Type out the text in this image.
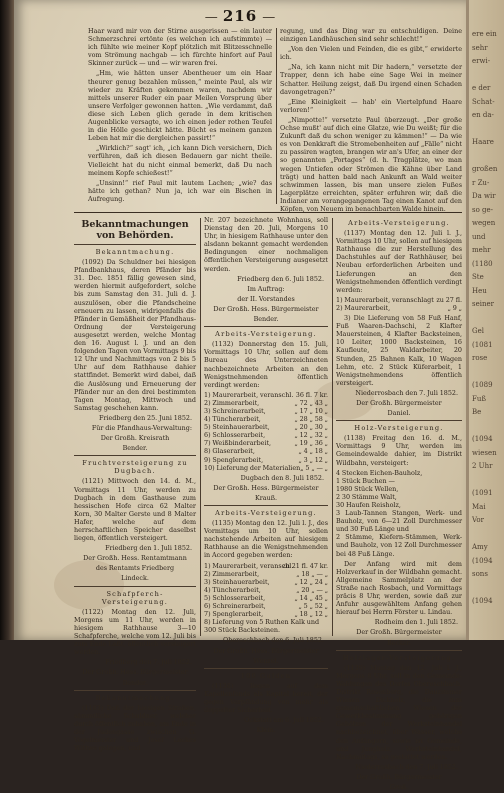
— 216 —

Haar ward mir von der Stirne ausgerissen — ein lauter Schmerzschrei ertönte (es welchen ich aufstimmte) — ich fühlte wie meiner Kopf plötzlich mit Blitzesschnelle vom Strömung nachgab — ich fürchte hinfort auf Paul Skinner zurück — und — wir waren frei.

„Hm, wie hätten unser Abentheuer um ein Haar theurer genug bezahlen müssen,“ meinte Paul, als wir wieder zu Kräften gekommen waren, nachdem wir mittels unserer Ruder ein paar Meilen Vorsprung über unsere Verfolger gewonnen hatten. „Wie verdammt, daß diese sich Leben glich gerade in dem kritischen Augenblicke versagte, wo ich einen jeder rothen Teufel in die Hölle geschickt hätte. Bücht es meinem ganzen Leben hat mir die dergleichen passirt!“

„Wirklich?“ sagt' ich, „ich kann Dich versichern, Dich verführen, daß ich diesen Bedauern gar nicht theile. Vielleicht hat du nicht einmal bemerkt, daß Du nach meinem Kopfe schießest!“

„Unsinn!“ rief Paul mit lautem Lachen; „wie? das hätte ich gethan? Nun ja, ich war ein Bischen in Aufregung.

regung, und das Ding war zu entschuldigen. Deine einzigen Landhäuschen sind sehr schlecht!“

„Von den Vielen und Feinden, die es gibt,“ erwiderte ich.

„Na, ich kann nicht mit Dir hadern,“ versetzte der Trapper, denn ich habe eine Sage Wei in meiner Schatter. Heilung zeigst, daß Du irgend einen Schaden davongetragen?“

„Eine Kleinigkeit — hab' ein Viertelpfund Haare verloren!“

„Nimpotte!“ versetzte Paul überzeugt. „Der große Ochse mußt' auf dich eine Glatze, wie Du weißt; für die Zukunft daß du schon weniger zu kämmen!“ — Da wie es von Denkkraft die Stromebenheiten auf „Fälle“ nicht zu passiren wagten, brangen wir an's Ufer, an einer der so genannten „Portages“ (d. h. Tragplätze, wo man wegen Untiefen oder Strömen die Kähne über Land trägt) und hatten bald nach Ankunft an Wald weiter schwimmen lassen, bis man unsere zielen Fußes Lagerplätze erreichten, später erfuhren wir, daß die Indianer am vorangegangenen Tag einen Kanot auf den Köpfen, von Neuem im benachbarten Walde hinein.

Bekanntmachungen von Behörden.

Bekanntmachung.

(1092) Da Schuldner bei hiesigen Pfandbankhaus, deren Pfänder bis 31. Dec. 1851 fällig gewesen sind, werden hiermit aufgefordert, solche bis zum Samstag den 31. Juli d. J. auszulösen, ober die Pfandscheine erneuern zu lassen, widrigenfalls die Pfänder in Gemäßheit der Pfandhaus-Ordnung der Versteigerung ausgesetzt werden, welche Montag den 16. August l. J. und an den folgenden Tagen von Vormittags 9 bis 12 Uhr und Nachmittags von 2 bis 5 Uhr auf dem Rathhause dahier stattfindet. Bemerkt wird dabei, daß die Auslösung und Erneuerung der Pfänder nur an den drei bestimmten Tagen Montag, Mittwoch und Samstag geschehen kann.

Friedberg den 25. Juni 1852.

Für die Pfandhaus-Verwaltung:

Der Großh. Kreisrath

Bender.

Fruchtversteigerung zu Dugbach.

(1121) Mittwoch den 14. d. M., Vormittags 11 Uhr, werden zu Dugbach in dem Gasthause zum hessischen Hofe circa 62 Malter Korn, 30 Malter Gerste und 8 Malter Hafer, welche auf dem herrschaftlichen Speicher daselbst liegen, öffentlich versteigert.

Friedberg den 1. Juli 1852.

Der Großh. Hess. Rentamtmann

des Rentamts Friedberg

Lindeck.

Schafpferch-Versteigerung.

(1122) Montag den 12. Juli, Morgens um 11 Uhr, werden in hiesigem Rathhause 3—10 Schafpferche, welche vom 12. Juli bis zum Ende Laßt, öffentlich versteigert werden.

Friedberg den 7. Juli 1852.

Der Großh. Hess. Bürgermeister

Bender.

Bekanntmachung.

(1183) Daß der hiesigen Straßen, sämmtliche Schuldner, welcher durch öffentlich zuhaben, am Ende in der Judengasse zwischen G. Vogelmeister und Josef Leckes Wittwe gelegen, und

Nr. 207 bezeichnete Wohnhaus, soll Dienstag den 20. Juli, Morgens 10 Uhr, in hiesigem Rathhause unter den alsdann bekannt gemacht werdenden Bedingungen einer nochmaligen öffentlichen Versteigerung ausgesetzt werden.

Friedberg den 6. Juli 1852.

Im Auftrag:

der II. Vorstandes

Der Großh. Hess. Bürgermeister

Bender.

Arbeits-Versteigerung.

(1132) Donnerstag den 15. Juli, Vormittags 10 Uhr, sollen auf dem Bureau des Unterzeichneten nachbezeichnete Arbeiten an den Wenigstnehmenden öffentlich verdingt werden:

36 fl. 7 kr.
1) Maurerarbeit, veranschl.
„ 72 „ 43 „
2) Zimmerarbeit,
„ 17 „ 10 „
3) Schreinerarbeit,
„ 28 „ 58 „
4) Tüncherarbeit,
„ 20 „ 30 „
5) Steinhauerarbeit,
„ 12 „ 32 „
6) Schlosserarbeit,
„ 19 „ 36 „
7) Weißbinderarbeit,
„ 4 „ 18 „
8) Glaserarbeit,
„ 3 „ 12 „
9) Spenglerarbeit,
„ 5 „ — „
10) Lieferung der Materialien,

Dugbach den 8. Juli 1852.

Der Großh. Hess. Bürgermeister

Krauß.

Arbeits-Versteigerung.

(1135) Montag den 12. Juli l. J., des Vormittags um 10 Uhr, sollen nachstehende Arbeiten auf hiesigem Rathhause an die Wenigstnehmenden in Accord gegeben werden:

zu 21 fl. 47 kr.
1) Maurerarbeit, veranschl.
„ 18 „ — „
2) Zimmerarbeit,
„ 12 „ 24 „
3) Steinhauerarbeit,
„ 20 „ — „
4) Tüncherarbeit,
„ 14 „ 45 „
5) Schlosserarbeit,
„ 5 „ 52 „
6) Schreinerarbeit,
„ 18 „ 12 „
7) Spenglerarbeit,
8) Lieferung von 5 Ruthen Kalk und
300 Stück Backsteinen.

Obereschbach den 6. Juli 1852.

Der Großh. Hess. Bürgermeister

Wenzel.

100 Gulden

(1136) liegen auf dem Kapellenfonds als Kapital bereit, der gegen Verpfändung von mehr als doppelter Sicherheit.

Ockstatt am 6. Juli 1852.

Klein.

Arbeits-Versteigerung.

(1137) Montag den 12. Juli l. J., Vormittags 10 Uhr, sollen auf hiesigem Rathhause die zur Herstellung des Dachstuhles auf der Rathhäuser, bei Neubau erforderlichen Arbeiten und Lieferungen an den Wenigstnehmenden öffentlich verdingt werden:

zu 27 fl.
1) Maurerarbeit, veranschlagt
„ 9 „
2) Maurerarbeit,

3) Die Lieferung von 58 Fuß Hanf, Fuß Waaren-Dachschi, 2 Klafter Mauersteinen, 4 Klafter Backsteinen, 10 Leiter, 1000 Backsteinen, 16 Kaufleute, 25 Waldarbeiter, 20 Stunden, 25 Bahnen Kalk, 10 Wagen Lehm, etc. 2 Stück Küferarbeit, 1 Wenigstnehmendens öffentlich versteigert.

Niederrosbach den 7. Juli 1852.

Der Großh. Bürgermeister

Daniel.

Holz-Versteigerung.

(1138) Freitag den 16. d. M., Vormittags 9 Uhr, werden im Gemeindewalde dahier, im Distrikt Wildbahn, versteigert:

4 Stecken Eichen-Bauholz,
1 Stück Buchen —
1980 Stück Wellen,
2 30 Stämme Walt,
30 Haufen Reisholz,
3 Laub-Tannen Stangen, Werk- und Bauholz, von 6—21 Zoll Durchmesser und 30 Fuß Länge und
2 Stämme, Kiefern-Stämmen, Werk- und Bauholz, von 12 Zoll Durchmesser bei 48 Fuß Länge.

Der Anfang wird mit dem Holzverkauf in der Wildbahn gemacht. Allgemeine Sammelplatz an der Straße nach Rosbach, und Vormittags präcis 8 Uhr, werden, sowie daß zur Anfuhr ausgewähltem Anfang gehen hierauf bei Herrn Förster u. Lindau.

Rodheim den 1. Juli 1852.

Der Großh. Bürgermeister

Becker.

Holzlager-Versteigerung.

(1139) Montag den 12. Juli l. J., Morgens 8 Uhr, soll in den Gemeinde-Waldungen des Dorfes Obereschbach, Distrikt Rosenberg, die Dauzimmer Wiesen Dickholz, die zum gemeinschaftlichen Wiesen der Gewerkbestimmung gehörigen Gehölzen der Werksteinhandel nachbezeichnet, über Wasser, welche den Anfängern, sowie ist Gemeinde, und Jungholz, Werksteinhandel, Nachmittags, so gestattet werden.

Niederrosbach den 7. Juli 1852.

Der Großh. Bürgermeister

Groß.

ere ein
sehr
erwi-
e der
Schat-
en da-
Haare
großen
r Zu-
Da wir
so ge-
wegen
und
mehr
(1180
Ste
Heu
seiner
Gel
(1081
rose
(1089
Fuß
Be
(1094
wiesen
2 Uhr
(1091
Mai
Vor
Amy
(1094
sons
(1094
